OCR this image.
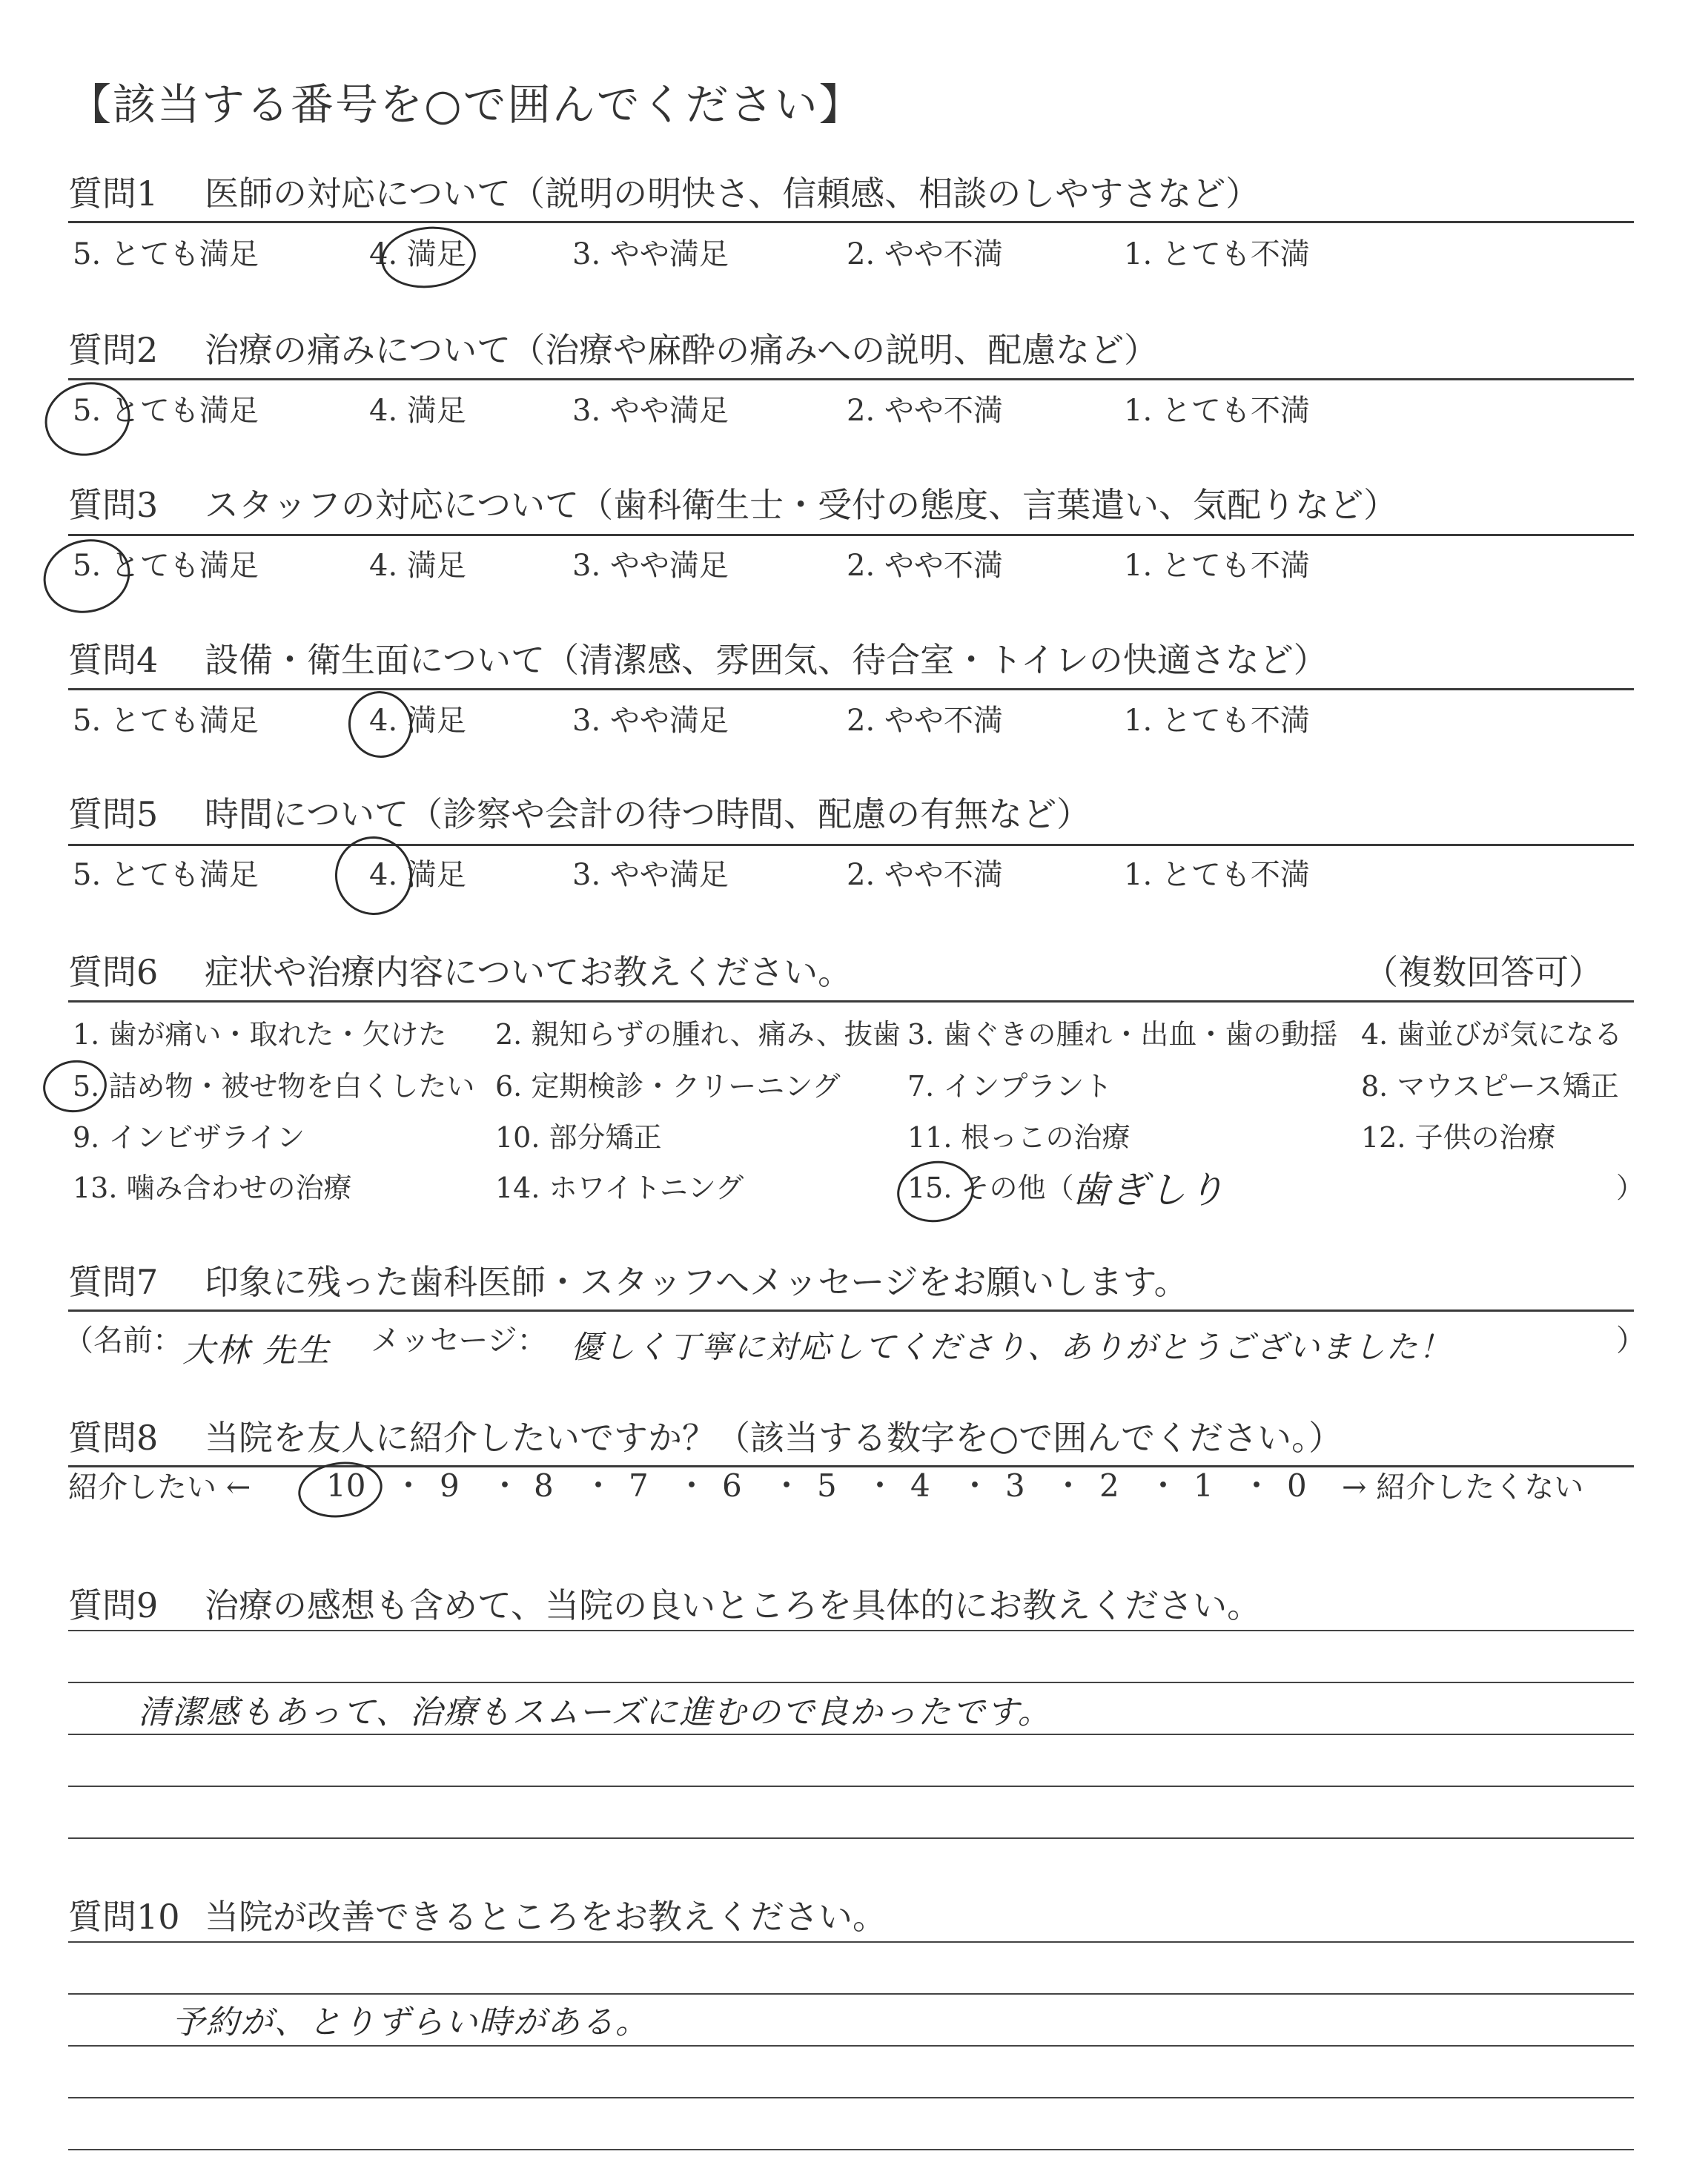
【該当する番号を○で囲んでください】
質問1 医師の対応について（説明の明快さ、信頼感、相談のしやすさなど）
5. とても満足	4. 満足	3. やや満足	2. やや不満	1. とても不満
質問2 治療の痛みについて（治療や麻酔の痛みへの説明、配慮など）
5. とても満足	4. 満足	3. やや満足	2. やや不満	1. とても不満
質問3 スタッフの対応について（歯科衛生士・受付の態度、言葉遣い、気配りなど）
5. とても満足	4. 満足	3. やや満足	2. やや不満	1. とても不満
質問4 設備・衛生面について（清潔感、雰囲気、待合室・トイレの快適さなど）
5. とても満足	4. 満足	3. やや満足	2. やや不満	1. とても不満
質問5 時間について（診察や会計の待つ時間、配慮の有無など）
5. とても満足	4. 満足	3. やや満足	2. やや不満	1. とても不満
質問6 症状や治療内容についてお教えください。	（複数回答可）
1. 歯が痛い・取れた・欠けた 2. 親知らずの腫れ、痛み、抜歯 3. 歯ぐきの腫れ・出血・歯の動揺 4. 歯並びが気になる
5. 詰め物・被せ物を白くしたい 6. 定期検診・クリーニング 7. インプラント	8. マウスピース矯正
9. インビザライン	10. 部分矯正	11. 根っこの治療	12. 子供の治療
13. 噛み合わせの治療	14. ホワイトニング	15. その他（
歯ぎしり	）
質問7 印象に残った歯科医師・スタッフへメッセージをお願いします。
（名前： 大林 先生 メッセージ： 優しく丁寧に対応してくださり、ありがとうございました！	）
質問8 当院を友人に紹介したいですか？（該当する数字を○で囲んでください。）
紹介したい ← 10 9 8 7 6 5 4 3 2 1 0
・ ・ ・ ・ ・ ・ ・ ・ ・ ・ → 紹介したくない
質問9 治療の感想も含めて、当院の良いところを具体的にお教えください。
清潔感もあって、治療もスムーズに進むので良かったです。
質問10 当院が改善できるところをお教えください。
予約が、とりずらい時がある。
